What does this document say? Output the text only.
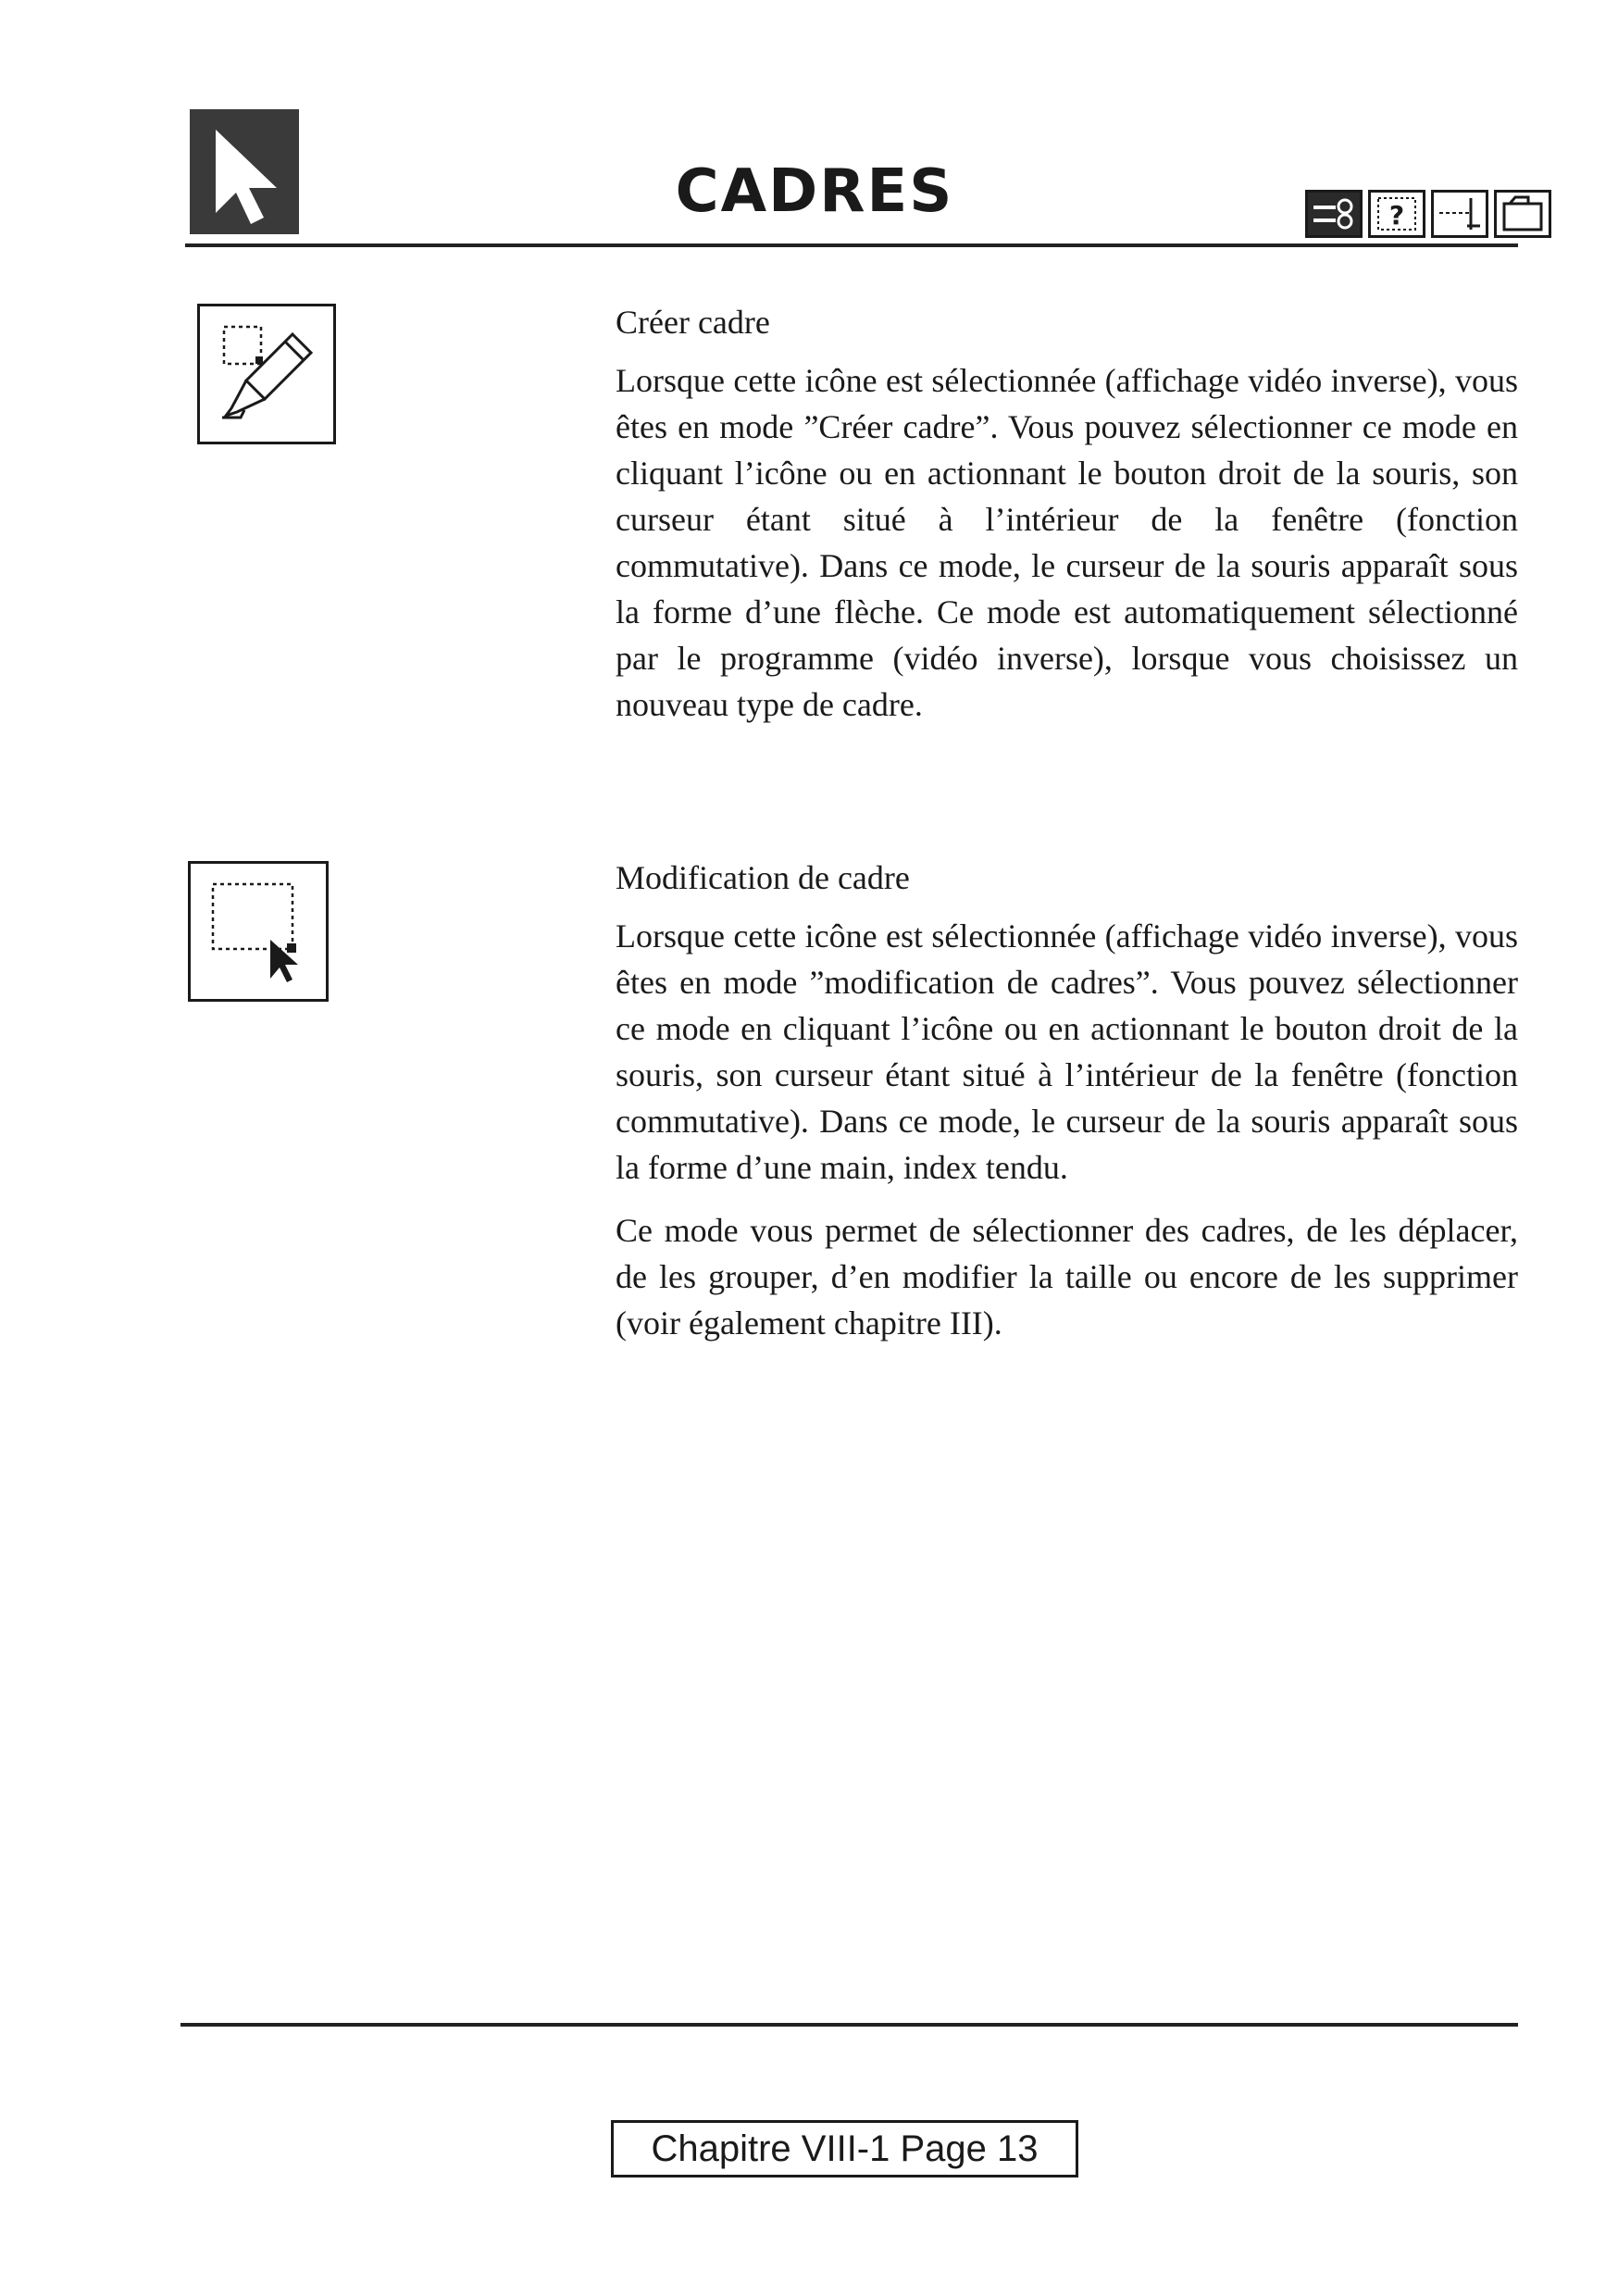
CADRES	?
Créer cadre

Lorsque cette icône est sélectionnée (affichage vidéo inverse), vous êtes en mode ”Créer cadre”. Vous pouvez sélectionner ce mode en cliquant l’icône ou en actionnant le bouton droit de la souris, son curseur étant situé à l’intérieur de la fenêtre (fonction commutative). Dans ce mode, le curseur de la souris apparaît sous la forme d’une flèche. Ce mode est automatiquement sélectionné par le programme (vidéo inverse), lorsque vous choisissez un nouveau type de cadre.

Modification de cadre

Lorsque cette icône est sélectionnée (affichage vidéo inverse), vous êtes en mode ”modification de cadres”. Vous pouvez sélectionner ce mode en cliquant l’icône ou en actionnant le bouton droit de la souris, son curseur étant situé à l’intérieur de la fenêtre (fonction commutative). Dans ce mode, le curseur de la souris apparaît sous la forme d’une main, index tendu.

Ce mode vous permet de sélectionner des cadres, de les déplacer, de les grouper, d’en modifier la taille ou encore de les supprimer (voir également chapitre III).

Chapitre VIII-1 Page 13
